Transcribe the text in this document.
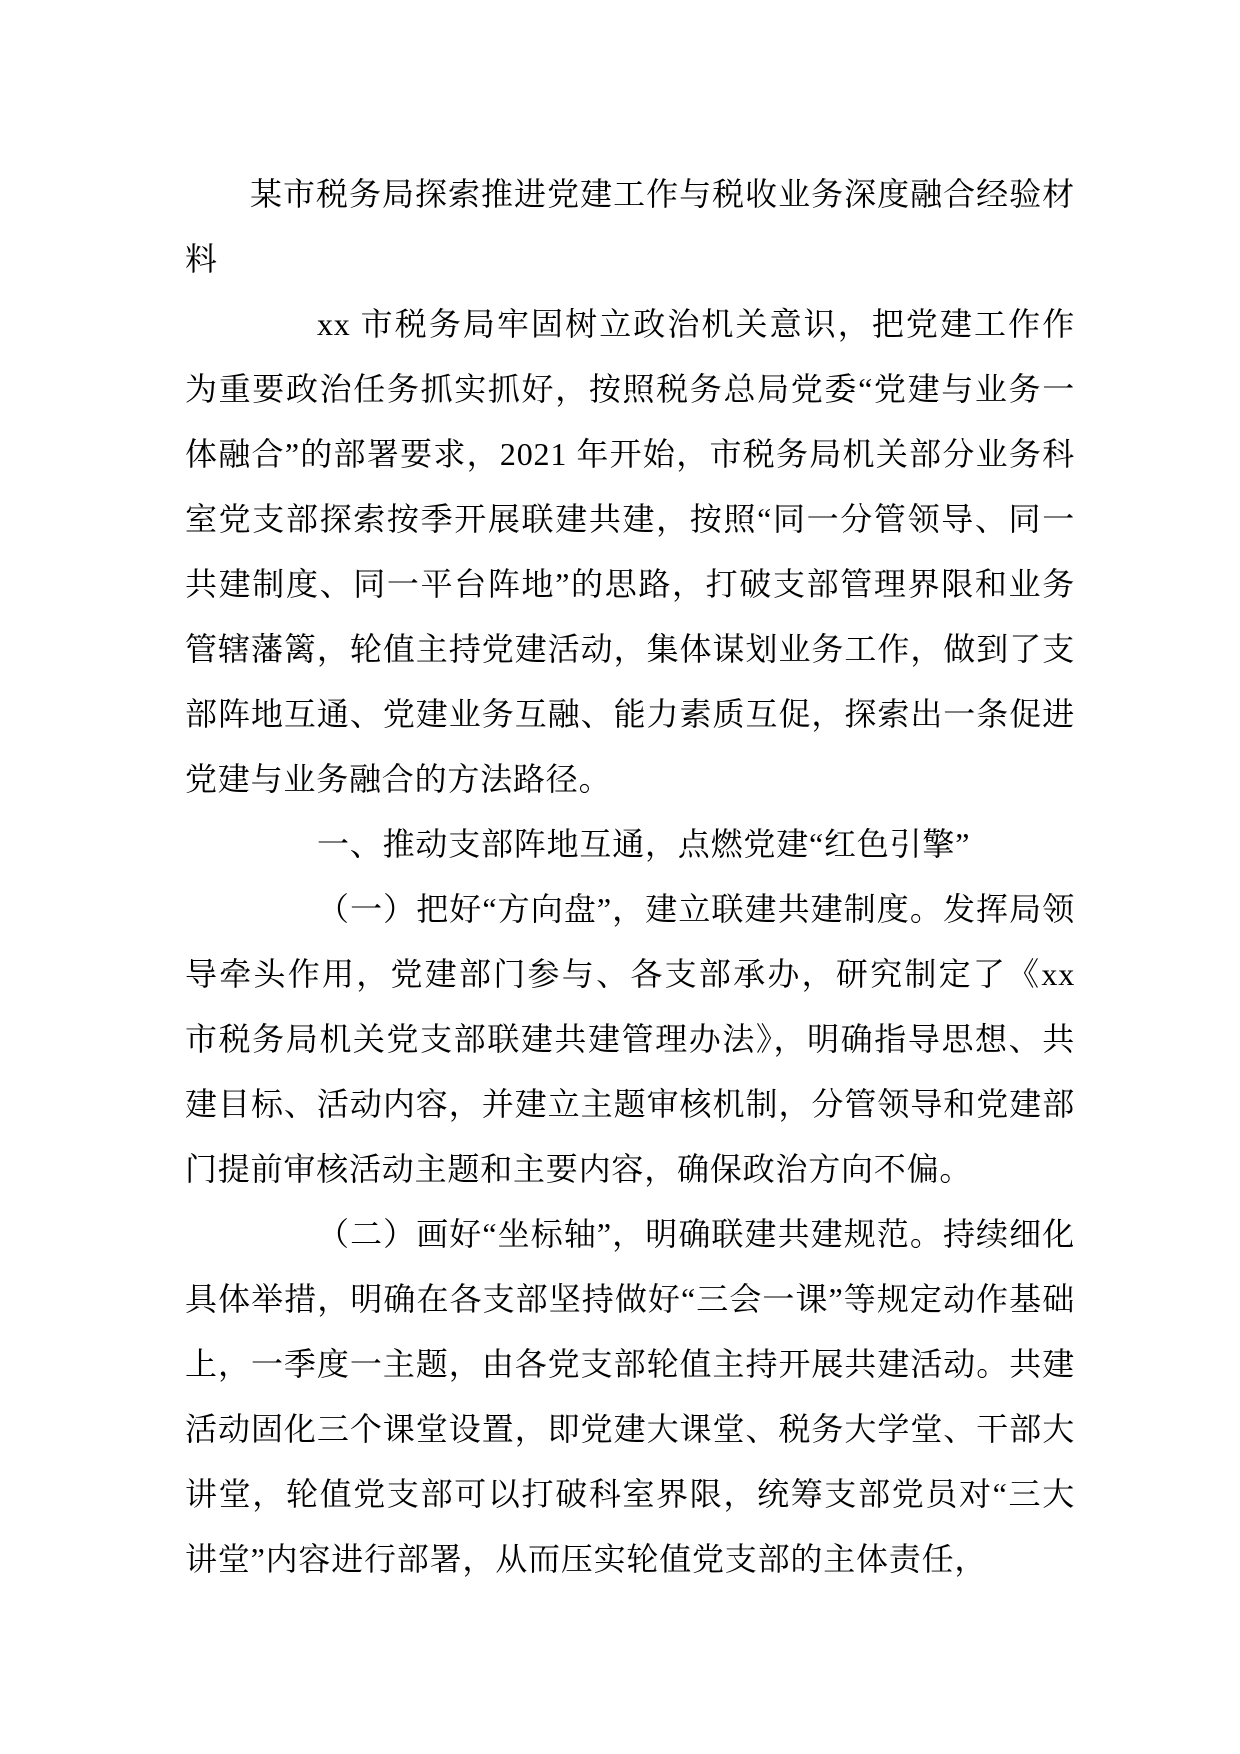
某市税务局探索推进党建工作与税收业务深度融合经验材料

xx 市税务局牢固树立政治机关意识，把党建工作作为重要政治任务抓实抓好，按照税务总局党委“党建与业务一体融合”的部署要求，2021 年开始，市税务局机关部分业务科室党支部探索按季开展联建共建，按照“同一分管领导、同一共建制度、同一平台阵地”的思路，打破支部管理界限和业务管辖藩篱，轮值主持党建活动，集体谋划业务工作，做到了支部阵地互通、党建业务互融、能力素质互促，探索出一条促进党建与业务融合的方法路径。

一、推动支部阵地互通，点燃党建“红色引擎”

（一）把好“方向盘”，建立联建共建制度。发挥局领导牵头作用，党建部门参与、各支部承办，研究制定了《xx 市税务局机关党支部联建共建管理办法》，明确指导思想、共建目标、活动内容，并建立主题审核机制，分管领导和党建部门提前审核活动主题和主要内容，确保政治方向不偏。

（二）画好“坐标轴”，明确联建共建规范。持续细化具体举措，明确在各支部坚持做好“三会一课”等规定动作基础上，一季度一主题，由各党支部轮值主持开展共建活动。共建活动固化三个课堂设置，即党建大课堂、税务大学堂、干部大讲堂，轮值党支部可以打破科室界限，统筹支部党员对“三大讲堂”内容进行部署，从而压实轮值党支部的主体责任，
